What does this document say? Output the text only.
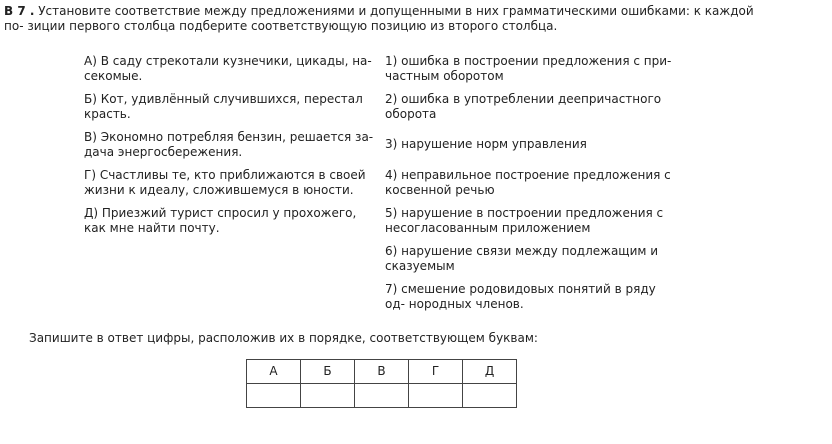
В 7 . Установите соответствие между предложениями и допущенными в них грамматическими ошибками: к каждой по- зиции первого столбца подберите соответствующую позицию из второго столбца.
А) В саду стрекотали кузнечики, цикады, на- секомые.
Б) Кот, удивлённый случившихся, перестал красть.
В) Экономно потребляя бензин, решается за- дача энергосбережения.
Г) Счастливы те, кто приближаются в своей жизни к идеалу, сложившемуся в юности.
Д) Приезжий турист спросил у прохожего, как мне найти почту.
1) ошибка в построении предложения с при- частным оборотом
2) ошибка в употреблении деепричастного оборота
3) нарушение норм управления
4) неправильное построение предложения с косвенной речью
5) нарушение в построении предложения с несогласованным приложением
6) нарушение связи между подлежащим и сказуемым
7) смешение родовидовых понятий в ряду од- нородных членов.
Запишите в ответ цифры, расположив их в порядке, соответствующем буквам:
А	Б	В	Г	Д
